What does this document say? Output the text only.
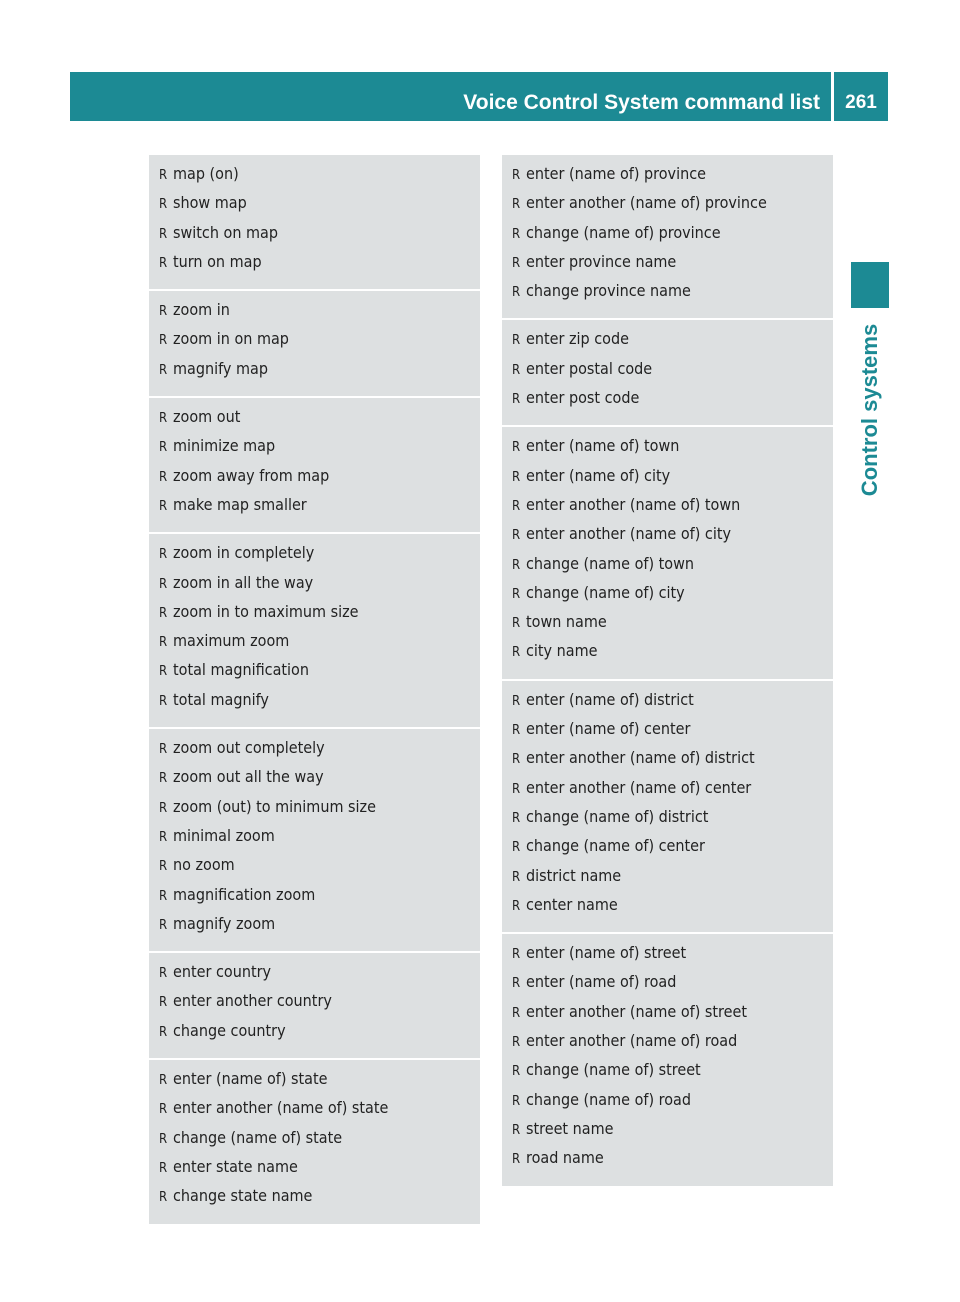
Voice Control System command list	261
Control systems
R map (on)
R show map
R switch on map
R turn on map
R zoom in
R zoom in on map
R magnify map
R zoom out
R minimize map
R zoom away from map
R make map smaller
R zoom in completely
R zoom in all the way
R zoom in to maximum size
R maximum zoom
R total magnification
R total magnify
R zoom out completely
R zoom out all the way
R zoom (out) to minimum size
R minimal zoom
R no zoom
R magnification zoom
R magnify zoom
R enter country
R enter another country
R change country
R enter (name of) state
R enter another (name of) state
R change (name of) state
R enter state name
R change state name
R enter (name of) province
R enter another (name of) province
R change (name of) province
R enter province name
R change province name
R enter zip code
R enter postal code
R enter post code
R enter (name of) town
R enter (name of) city
R enter another (name of) town
R enter another (name of) city
R change (name of) town
R change (name of) city
R town name
R city name
R enter (name of) district
R enter (name of) center
R enter another (name of) district
R enter another (name of) center
R change (name of) district
R change (name of) center
R district name
R center name
R enter (name of) street
R enter (name of) road
R enter another (name of) street
R enter another (name of) road
R change (name of) street
R change (name of) road
R street name
R road name
